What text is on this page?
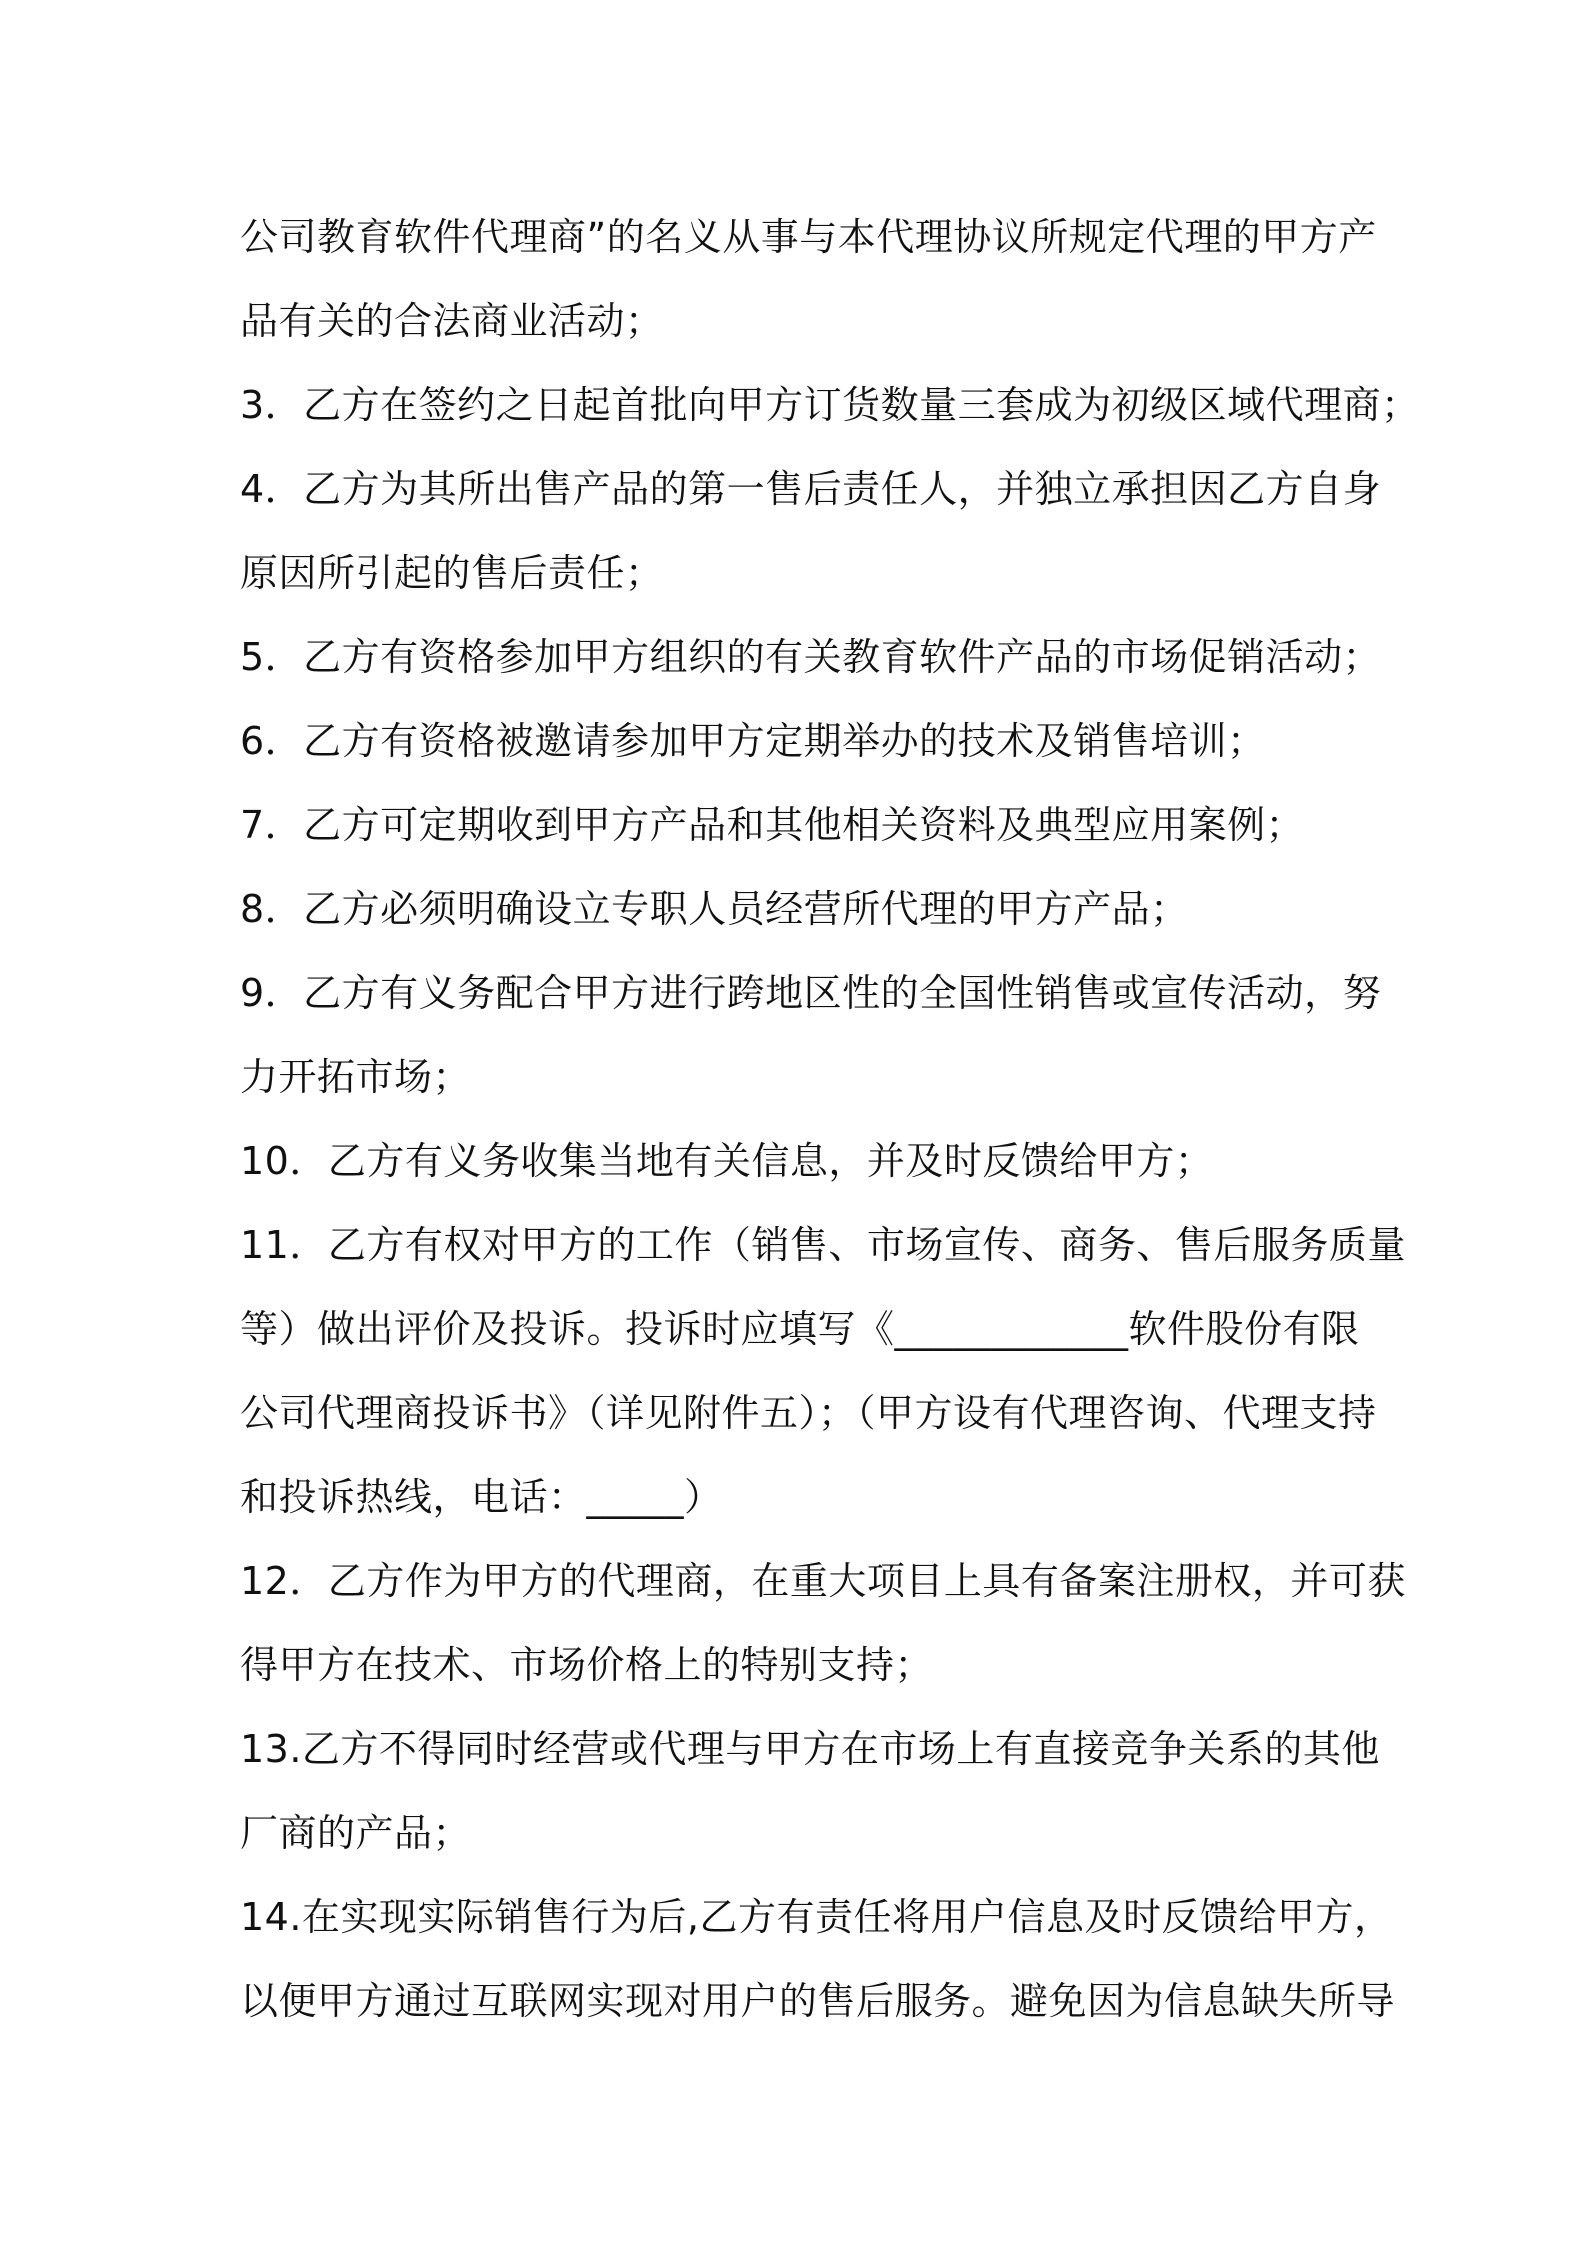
公司教育软件代理商”的名义从事与本代理协议所规定代理的甲方产
品有关的合法商业活动；
3．乙方在签约之日起首批向甲方订货数量三套成为初级区域代理商；
4．乙方为其所出售产品的第一售后责任人，并独立承担因乙方自身
原因所引起的售后责任；
5．乙方有资格参加甲方组织的有关教育软件产品的市场促销活动；
6．乙方有资格被邀请参加甲方定期举办的技术及销售培训；
7．乙方可定期收到甲方产品和其他相关资料及典型应用案例；
8．乙方必须明确设立专职人员经营所代理的甲方产品；
9．乙方有义务配合甲方进行跨地区性的全国性销售或宣传活动，努
力开拓市场；
10．乙方有义务收集当地有关信息，并及时反馈给甲方；
11．乙方有权对甲方的工作（销售、市场宣传、商务、售后服务质量
等）做出评价及投诉。投诉时应填写《____________软件股份有限
公司代理商投诉书》（详见附件五）；（甲方设有代理咨询、代理支持
和投诉热线，电话：_____）
12．乙方作为甲方的代理商，在重大项目上具有备案注册权，并可获
得甲方在技术、市场价格上的特别支持；
13.乙方不得同时经营或代理与甲方在市场上有直接竞争关系的其他
厂商的产品；
14.在实现实际销售行为后,乙方有责任将用户信息及时反馈给甲方，
以便甲方通过互联网实现对用户的售后服务。避免因为信息缺失所导
